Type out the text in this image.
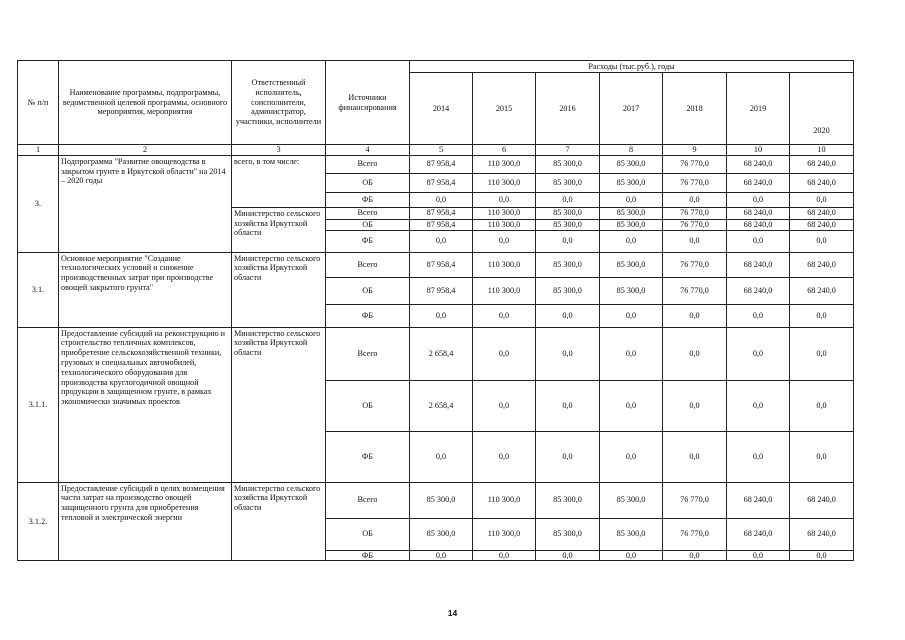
№ п/п	Наименование программы, подпрограммы, ведомственной целевой программы, основного мероприятия, мероприятия	Ответственный исполнитель, соисполнители, администратор, участники, исполнители	Источники финансирования	Расходы (тыс.руб.), годы						
				2014	2015	2016	2017	2018	2019	2020
1	2	3	4	5	6	7	8	9	10	10
3.	Подпрограмма "Развитие овощеводства в закрытом грунте в Иркутской области" на 2014 – 2020 годы	всего, в том числе:	Всего	87 958,4	110 300,0	85 300,0	85 300,0	76 770,0	68 240,0	68 240,0
			ОБ	87 958,4	110 300,0	85 300,0	85 300,0	76 770,0	68 240,0	68 240,0
			ФБ	0,0	0,0	0,0	0,0	0,0	0,0	0,0
		Министерство сельского хозяйства Иркутской области	Всего	87 958,4	110 300,0	85 300,0	85 300,0	76 770,0	68 240,0	68 240,0
			ОБ	87 958,4	110 300,0	85 300,0	85 300,0	76 770,0	68 240,0	68 240,0
			ФБ	0,0	0,0	0,0	0,0	0,0	0,0	0,0
3.1.	Основное мероприятие "Создание технологических условий и снижение производственных затрат при производстве овощей закрытого грунта"	Министерство сельского хозяйства Иркутской области	Всего	87 958,4	110 300,0	85 300,0	85 300,0	76 770,0	68 240,0	68 240,0
			ОБ	87 958,4	110 300,0	85 300,0	85 300,0	76 770,0	68 240,0	68 240,0
			ФБ	0,0	0,0	0,0	0,0	0,0	0,0	0,0
3.1.1.	Предоставление субсидий на реконструкцию и строительство тепличных комплексов, приобретение сельскохозяйственной техники, грузовых и специальных автомобилей, технологического оборудования для производства круглогодичной овощной продукции в защищенном грунте, в рамках экономически значимых проектов	Министерство сельского хозяйства Иркутской области	Всего	2 658,4	0,0	0,0	0,0	0,0	0,0	0,0
			ОБ	2 658,4	0,0	0,0	0,0	0,0	0,0	0,0
			ФБ	0,0	0,0	0,0	0,0	0,0	0,0	0,0
3.1.2.	Предоставление субсидий в целях возмещения части затрат на производство овощей защищенного грунта для приобретения тепловой и электрической энергии	Министерство сельского хозяйства Иркутской области	Всего	85 300,0	110 300,0	85 300,0	85 300,0	76 770,0	68 240,0	68 240,0
			ОБ	85 300,0	110 300,0	85 300,0	85 300,0	76 770,0	68 240,0	68 240,0
			ФБ	0,0	0,0	0,0	0,0	0,0	0,0	0,0
14
